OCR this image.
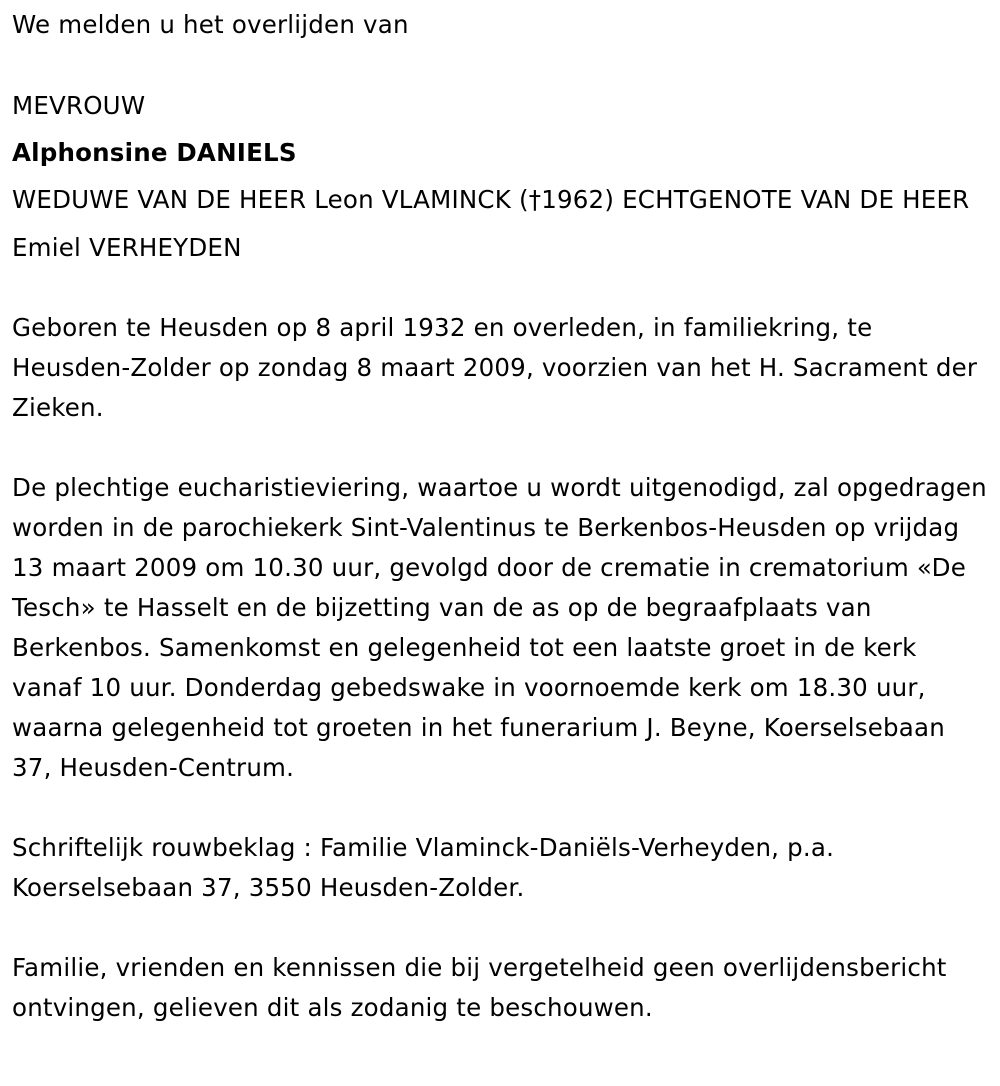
We melden u het overlijden van

MEVROUW

Alphonsine DANIELS

WEDUWE VAN DE HEER Leon VLAMINCK (†1962) ECHTGENOTE VAN DE HEER

Emiel VERHEYDEN

Geboren te Heusden op 8 april 1932 en overleden, in familiekring, te Heusden-Zolder op zondag 8 maart 2009, voorzien van het H. Sacrament der Zieken.

De plechtige eucharistieviering, waartoe u wordt uitgenodigd, zal opgedragen worden in de parochiekerk Sint-Valentinus te Berkenbos-Heusden op vrijdag 13 maart 2009 om 10.30 uur, gevolgd door de crematie in crematorium «De Tesch» te Hasselt en de bijzetting van de as op de begraafplaats van Berkenbos. Samenkomst en gelegenheid tot een laatste groet in de kerk vanaf 10 uur. Donderdag gebedswake in voornoemde kerk om 18.30 uur, waarna gelegenheid tot groeten in het funerarium J. Beyne, Koerselsebaan 37, Heusden-Centrum.

Schriftelijk rouwbeklag : Familie Vlaminck-Daniëls-Verheyden, p.a. Koerselsebaan 37, 3550 Heusden-Zolder.

Familie, vrienden en kennissen die bij vergetelheid geen overlijdensbericht ontvingen, gelieven dit als zodanig te beschouwen.
